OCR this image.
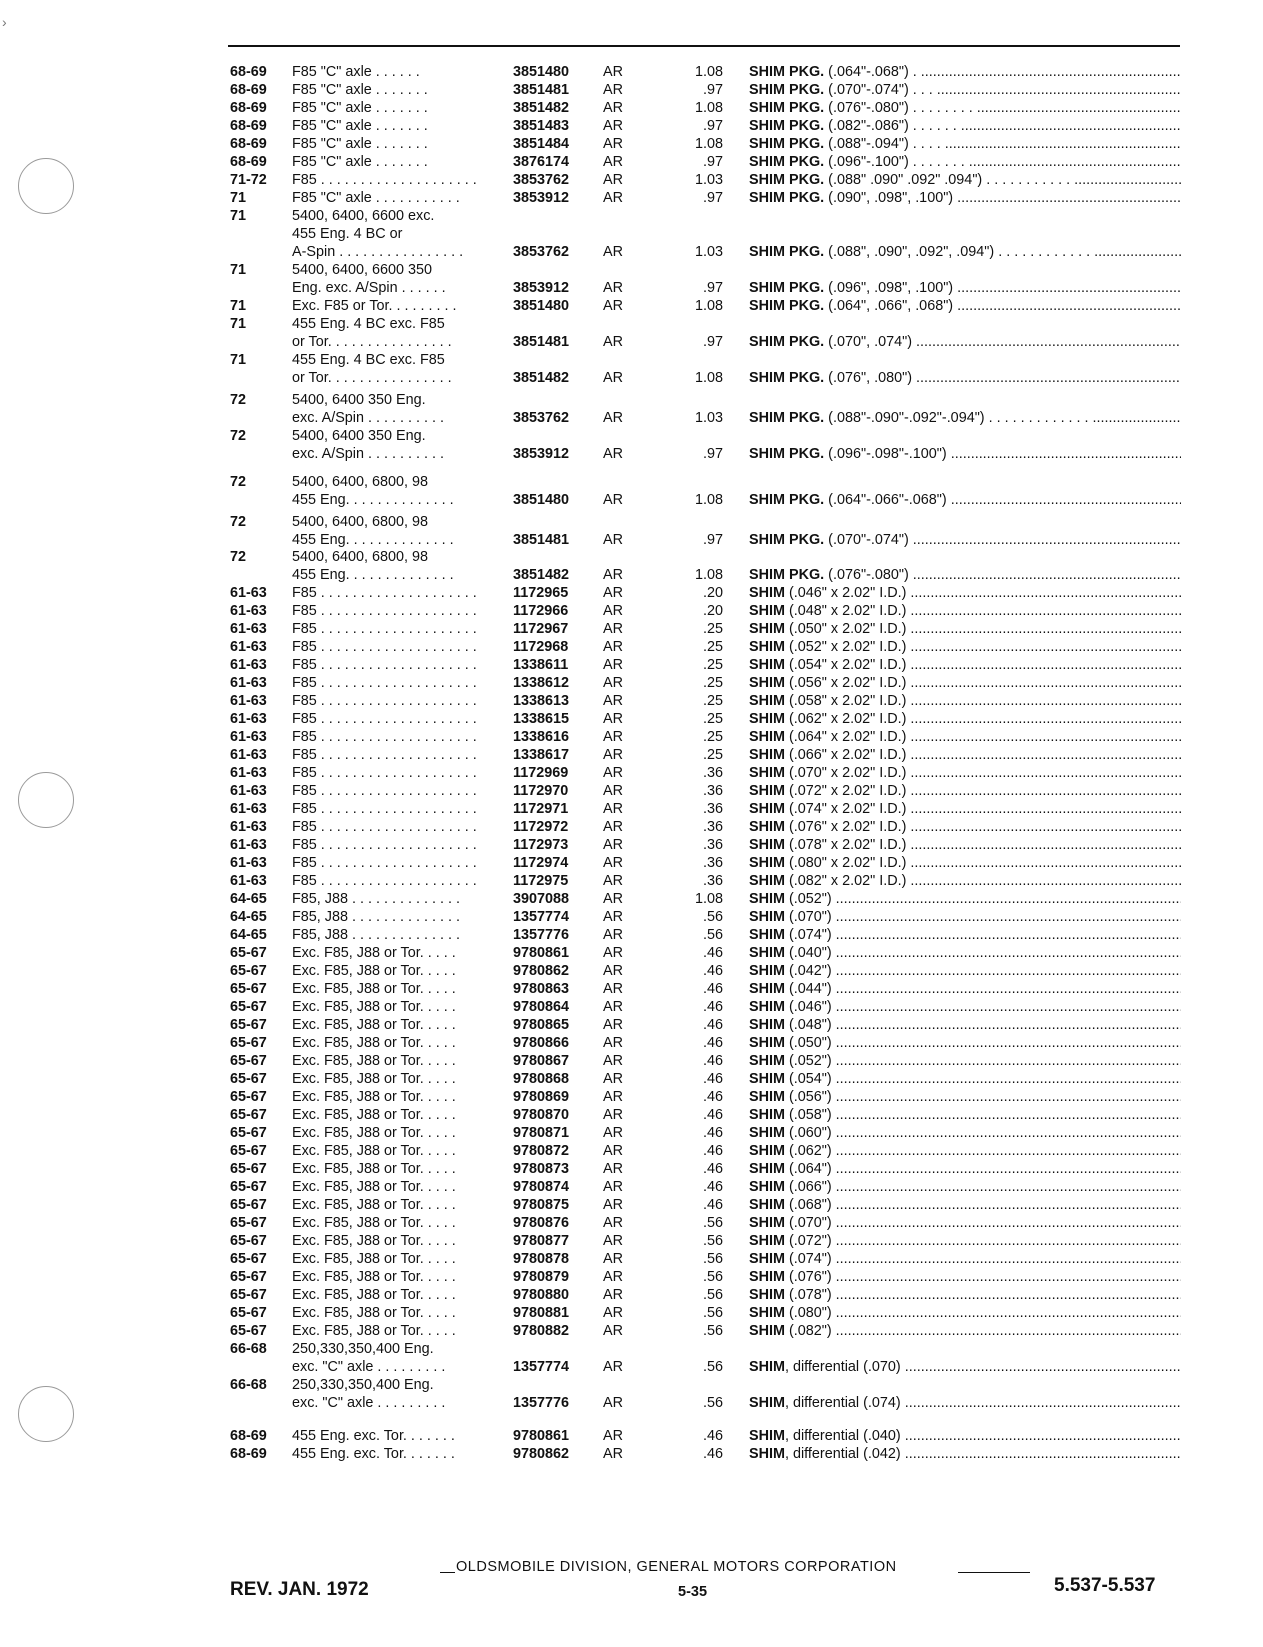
›
68-69 F85 "C" axle . . . . . .	3851480 AR	1.08 SHIM PKG. (.064"-.068") . .....
68-69 F85 "C" axle . . . . . . .	3851481 AR	.97 SHIM PKG. (.070"-.074") . . . .....
68-69 F85 "C" axle . . . . . . .	3851482 AR	1.08 SHIM PKG. (.076"-.080") . . . . . . . . .....
68-69 F85 "C" axle . . . . . . .	3851483 AR	.97 SHIM PKG. (.082"-.086") . . . . . . .....
68-69 F85 "C" axle . . . . . . .	3851484 AR	1.08 SHIM PKG. (.088"-.094") . . . . .....
68-69 F85 "C" axle . . . . . . .	3876174 AR	.97 SHIM PKG. (.096"-.100") . . . . . . . .....
71-72 F85 . . . . . . . . . . . . . . . . . . . .	3853762 AR	1.03 SHIM PKG. (.088" .090" .092" .094") . . . . . . . . . . . .....
71	F85 "C" axle . . . . . . . . . . .	3853912 AR	.97 SHIM PKG. (.090", .098", .100") .....
71	5400, 6400, 6600 exc.
455 Eng. 4 BC or
A-Spin . . . . . . . . . . . . . . . .	3853762 AR	1.03 SHIM PKG. (.088", .090", .092", .094") . . . . . . . . . . . . .....
71	5400, 6400, 6600 350
Eng. exc. A/Spin . . . . . .	3853912 AR	.97 SHIM PKG. (.096", .098", .100") .....
71	Exc. F85 or Tor. . . . . . . . .	3851480 AR	1.08 SHIM PKG. (.064", .066", .068") .....
71	455 Eng. 4 BC exc. F85
or Tor. . . . . . . . . . . . . . . .	3851481 AR	.97 SHIM PKG. (.070", .074") .....
71	455 Eng. 4 BC exc. F85
or Tor. . . . . . . . . . . . . . . .	3851482 AR	1.08 SHIM PKG. (.076", .080") .....
72	5400, 6400 350 Eng.
exc. A/Spin . . . . . . . . . .	3853762 AR	1.03 SHIM PKG. (.088"-.090"-.092"-.094") . . . . . . . . . . . . . .....
72	5400, 6400 350 Eng.
exc. A/Spin . . . . . . . . . .	3853912 AR	.97 SHIM PKG. (.096"-.098"-.100") .....
72	5400, 6400, 6800, 98
455 Eng. . . . . . . . . . . . . .	3851480 AR	1.08 SHIM PKG. (.064"-.066"-.068") .....
72	5400, 6400, 6800, 98
455 Eng. . . . . . . . . . . . . .	3851481 AR	.97 SHIM PKG. (.070"-.074") .....
72	5400, 6400, 6800, 98
455 Eng. . . . . . . . . . . . . .	3851482 AR	1.08 SHIM PKG. (.076"-.080") .....
61-63 F85 . . . . . . . . . . . . . . . . . . . .	1172965 AR	.20 SHIM (.046" x 2.02" I.D.) .....
61-63 F85 . . . . . . . . . . . . . . . . . . . .	1172966 AR	.20 SHIM (.048" x 2.02" I.D.) .....
61-63 F85 . . . . . . . . . . . . . . . . . . . .	1172967 AR	.25 SHIM (.050" x 2.02" I.D.) .....
61-63 F85 . . . . . . . . . . . . . . . . . . . .	1172968 AR	.25 SHIM (.052" x 2.02" I.D.) .....
61-63 F85 . . . . . . . . . . . . . . . . . . . .	1338611 AR	.25 SHIM (.054" x 2.02" I.D.) .....
61-63 F85 . . . . . . . . . . . . . . . . . . . .	1338612 AR	.25 SHIM (.056" x 2.02" I.D.) .....
61-63 F85 . . . . . . . . . . . . . . . . . . . .	1338613 AR	.25 SHIM (.058" x 2.02" I.D.) .....
61-63 F85 . . . . . . . . . . . . . . . . . . . .	1338615 AR	.25 SHIM (.062" x 2.02" I.D.) .....
61-63 F85 . . . . . . . . . . . . . . . . . . . .	1338616 AR	.25 SHIM (.064" x 2.02" I.D.) .....
61-63 F85 . . . . . . . . . . . . . . . . . . . .	1338617 AR	.25 SHIM (.066" x 2.02" I.D.) .....
61-63 F85 . . . . . . . . . . . . . . . . . . . .	1172969 AR	.36 SHIM (.070" x 2.02" I.D.) .....
61-63 F85 . . . . . . . . . . . . . . . . . . . .	1172970 AR	.36 SHIM (.072" x 2.02" I.D.) .....
61-63 F85 . . . . . . . . . . . . . . . . . . . .	1172971 AR	.36 SHIM (.074" x 2.02" I.D.) .....
61-63 F85 . . . . . . . . . . . . . . . . . . . .	1172972 AR	.36 SHIM (.076" x 2.02" I.D.) .....
61-63 F85 . . . . . . . . . . . . . . . . . . . .	1172973 AR	.36 SHIM (.078" x 2.02" I.D.) .....
61-63 F85 . . . . . . . . . . . . . . . . . . . .	1172974 AR	.36 SHIM (.080" x 2.02" I.D.) .....
61-63 F85 . . . . . . . . . . . . . . . . . . . .	1172975 AR	.36 SHIM (.082" x 2.02" I.D.) .....
64-65 F85, J88 . . . . . . . . . . . . . .	3907088 AR	1.08 SHIM (.052") .....
64-65 F85, J88 . . . . . . . . . . . . . .	1357774 AR	.56 SHIM (.070") .....
64-65 F85, J88 . . . . . . . . . . . . . .	1357776 AR	.56 SHIM (.074") .....
65-67 Exc. F85, J88 or Tor. . . . .	9780861 AR	.46 SHIM (.040") .....
65-67 Exc. F85, J88 or Tor. . . . .	9780862 AR	.46 SHIM (.042") .....
65-67 Exc. F85, J88 or Tor. . . . .	9780863 AR	.46 SHIM (.044") .....
65-67 Exc. F85, J88 or Tor. . . . .	9780864 AR	.46 SHIM (.046") .....
65-67 Exc. F85, J88 or Tor. . . . .	9780865 AR	.46 SHIM (.048") .....
65-67 Exc. F85, J88 or Tor. . . . .	9780866 AR	.46 SHIM (.050") .....
65-67 Exc. F85, J88 or Tor. . . . .	9780867 AR	.46 SHIM (.052") .....
65-67 Exc. F85, J88 or Tor. . . . .	9780868 AR	.46 SHIM (.054") .....
65-67 Exc. F85, J88 or Tor. . . . .	9780869 AR	.46 SHIM (.056") .....
65-67 Exc. F85, J88 or Tor. . . . .	9780870 AR	.46 SHIM (.058") .....
65-67 Exc. F85, J88 or Tor. . . . .	9780871 AR	.46 SHIM (.060") .....
65-67 Exc. F85, J88 or Tor. . . . .	9780872 AR	.46 SHIM (.062") .....
65-67 Exc. F85, J88 or Tor. . . . .	9780873 AR	.46 SHIM (.064") .....
65-67 Exc. F85, J88 or Tor. . . . .	9780874 AR	.46 SHIM (.066") .....
65-67 Exc. F85, J88 or Tor. . . . .	9780875 AR	.46 SHIM (.068") .....
65-67 Exc. F85, J88 or Tor. . . . .	9780876 AR	.56 SHIM (.070") .....
65-67 Exc. F85, J88 or Tor. . . . .	9780877 AR	.56 SHIM (.072") .....
65-67 Exc. F85, J88 or Tor. . . . .	9780878 AR	.56 SHIM (.074") .....
65-67 Exc. F85, J88 or Tor. . . . .	9780879 AR	.56 SHIM (.076") .....
65-67 Exc. F85, J88 or Tor. . . . .	9780880 AR	.56 SHIM (.078") .....
65-67 Exc. F85, J88 or Tor. . . . .	9780881 AR	.56 SHIM (.080") .....
65-67 Exc. F85, J88 or Tor. . . . .	9780882 AR	.56 SHIM (.082") .....
66-68 250,330,350,400 Eng.
exc. "C" axle . . . . . . . . .	1357774 AR	.56 SHIM, differential (.070) .....
66-68 250,330,350,400 Eng.
exc. "C" axle . . . . . . . . .	1357776 AR	.56 SHIM, differential (.074) .....
68-69 455 Eng. exc. Tor. . . . . . .	9780861 AR	.46 SHIM, differential (.040) .....
68-69 455 Eng. exc. Tor. . . . . . .	9780862 AR	.46 SHIM, differential (.042) .....
OLDSMOBILE DIVISION, GENERAL MOTORS CORPORATION
REV. JAN. 1972	5-35	5.537-5.537
